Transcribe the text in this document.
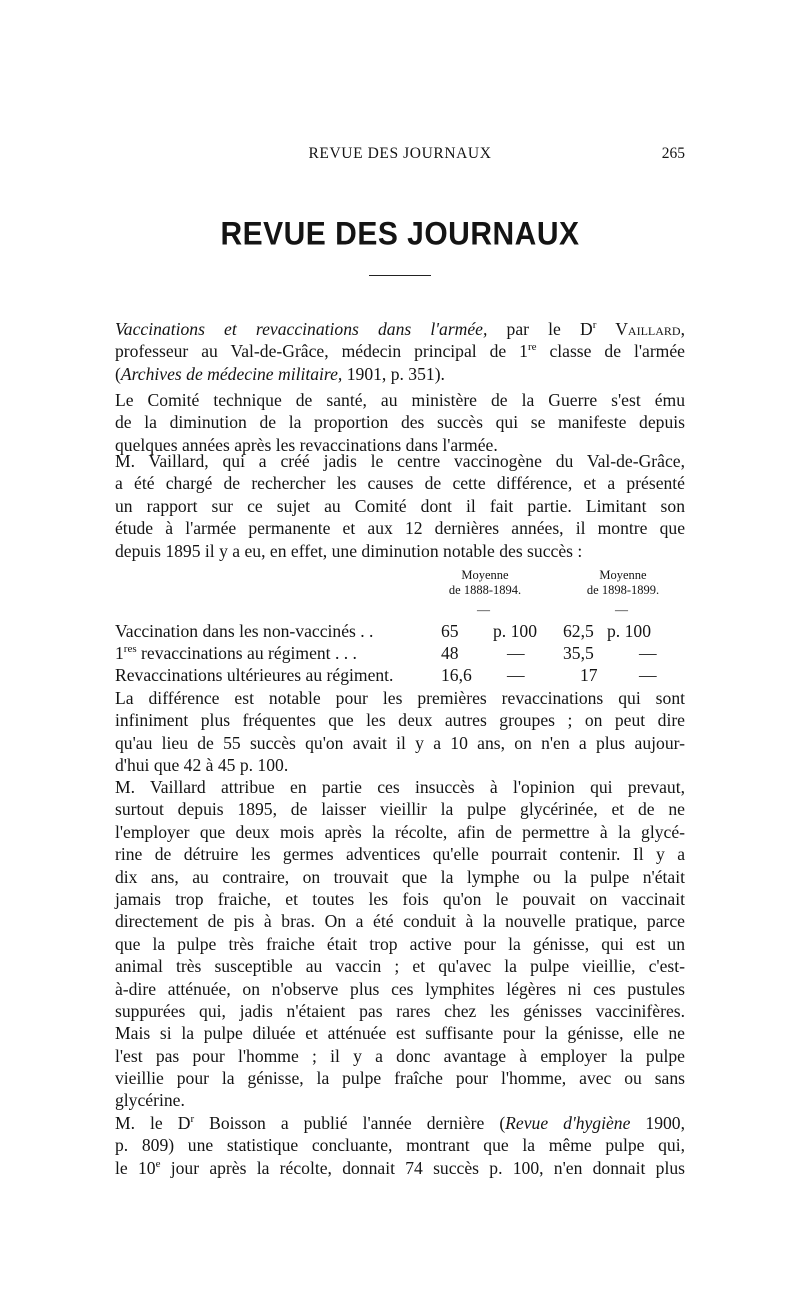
REVUE DES JOURNAUX	265
REVUE DES JOURNAUX
Vaccinations et revaccinations dans l'armée, par le $D^r$ Vaillard,
professeur au Val-de-Grâce, médecin principal de 1re classe de l'armée
(Archives de médecine militaire, 1901, p. 351).
Le Comité technique de santé, au ministère de la Guerre s'est ému
de la diminution de la proportion des succès qui se manifeste depuis
quelques années après les revaccinations dans l'armée.
M. Vaillard, qui a créé jadis le centre vaccinogène du Val-de-Grâce,
a été chargé de rechercher les causes de cette différence, et a présenté
un rapport sur ce sujet au Comité dont il fait partie. Limitant son
étude à l'armée permanente et aux 12 dernières années, il montre que
depuis 1895 il y a eu, en effet, une diminution notable des succès :
Moyenne
de 1888-1894.
Moyenne
de 1898-1899.
—	—
Vaccination dans les non-vaccinés . .	65 p. 100 62,5 p. 100
1res revaccinations au régiment . . .	48	— 35,5	—
Revaccinations ultérieures au régiment.	16,6 —	17 —
La différence est notable pour les premières revaccinations qui sont
infiniment plus fréquentes que les deux autres groupes ; on peut dire
qu'au lieu de 55 succès qu'on avait il y a 10 ans, on n'en a plus aujour-
d'hui que 42 à 45 p. 100.
M. Vaillard attribue en partie ces insuccès à l'opinion qui prevaut,
surtout depuis 1895, de laisser vieillir la pulpe glycérinée, et de ne
l'employer que deux mois après la récolte, afin de permettre à la glycé-
rine de détruire les germes adventices qu'elle pourrait contenir. Il y a
dix ans, au contraire, on trouvait que la lymphe ou la pulpe n'était
jamais trop fraiche, et toutes les fois qu'on le pouvait on vaccinait
directement de pis à bras. On a été conduit à la nouvelle pratique, parce
que la pulpe très fraiche était trop active pour la génisse, qui est un
animal très susceptible au vaccin ; et qu'avec la pulpe vieillie, c'est-
à-dire atténuée, on n'observe plus ces lymphites légères ni ces pustules
suppurées qui, jadis n'étaient pas rares chez les génisses vaccinifères.
Mais si la pulpe diluée et atténuée est suffisante pour la génisse, elle ne
l'est pas pour l'homme ; il y a donc avantage à employer la pulpe
vieillie pour la génisse, la pulpe fraîche pour l'homme, avec ou sans
glycérine.
M. le $D^r$ Boisson a publié l'année dernière (Revue d'hygiène 1900,
p. 809) une statistique concluante, montrant que la même pulpe qui,
le 10e jour après la récolte, donnait 74 succès p. 100, n'en donnait plus
